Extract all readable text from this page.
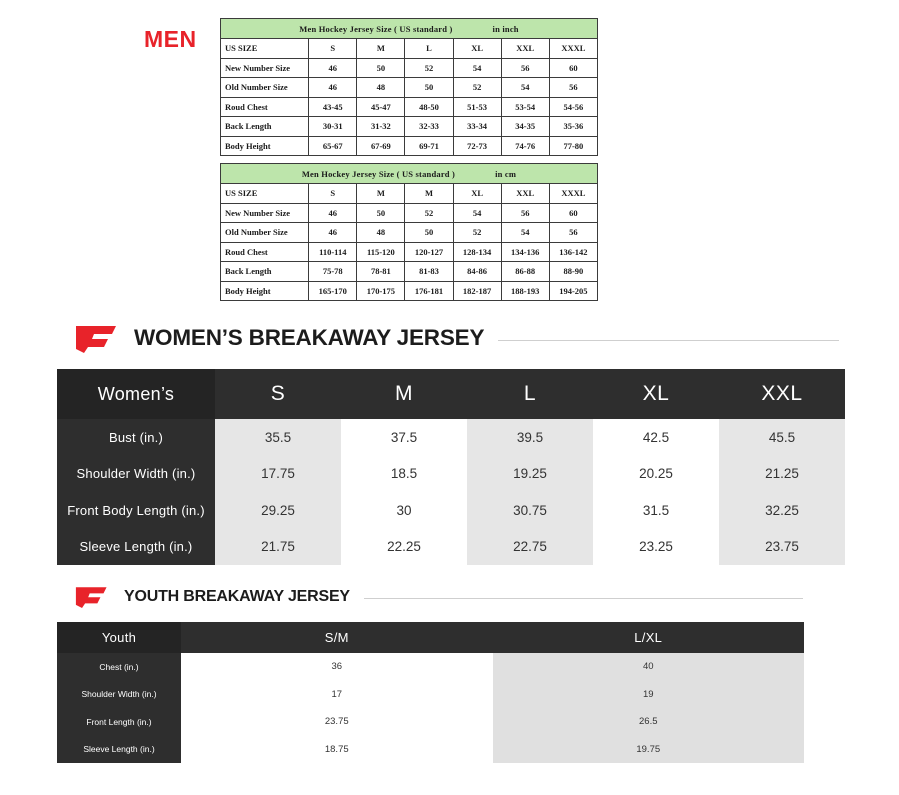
MEN	Men Hockey Jersey Size ( US standard ) in inch						

US SIZE	S	M	L	XL	XXL	XXXL
New Number Size	46	50	52	54	56	60
Old Number Size	46	48	50	52	54	56
Roud Chest	43-45	45-47	48-50	51-53	53-54	54-56
Back Length	30-31	31-32	32-33	33-34	34-35	35-36
Body Height	65-67	67-69	69-71	72-73	74-76	77-80
Men Hockey Jersey Size ( US standard ) in cm						

US SIZE	S	M	M	XL	XXL	XXXL
New Number Size	46	50	52	54	56	60
Old Number Size	46	48	50	52	54	56
Roud Chest	110-114	115-120	120-127	128-134	134-136	136-142
Back Length	75-78	78-81	81-83	84-86	86-88	88-90
Body Height	165-170	170-175	176-181	182-187	188-193	194-205
WOMEN’S BREAKAWAY JERSEY
Women’s	S	M	L	XL	XXL
Bust (in.)	35.5	37.5	39.5	42.5	45.5
Shoulder Width (in.)	17.75	18.5	19.25	20.25	21.25
Front Body Length (in.)	29.25	30	30.75	31.5	32.25
Sleeve Length (in.)	21.75	22.25	22.75	23.25	23.75
YOUTH BREAKAWAY JERSEY
Youth	S/M	L/XL
Chest (in.)	36	40
Shoulder Width (in.)	17	19
Front Length (in.)	23.75	26.5
Sleeve Length (in.)	18.75	19.75
